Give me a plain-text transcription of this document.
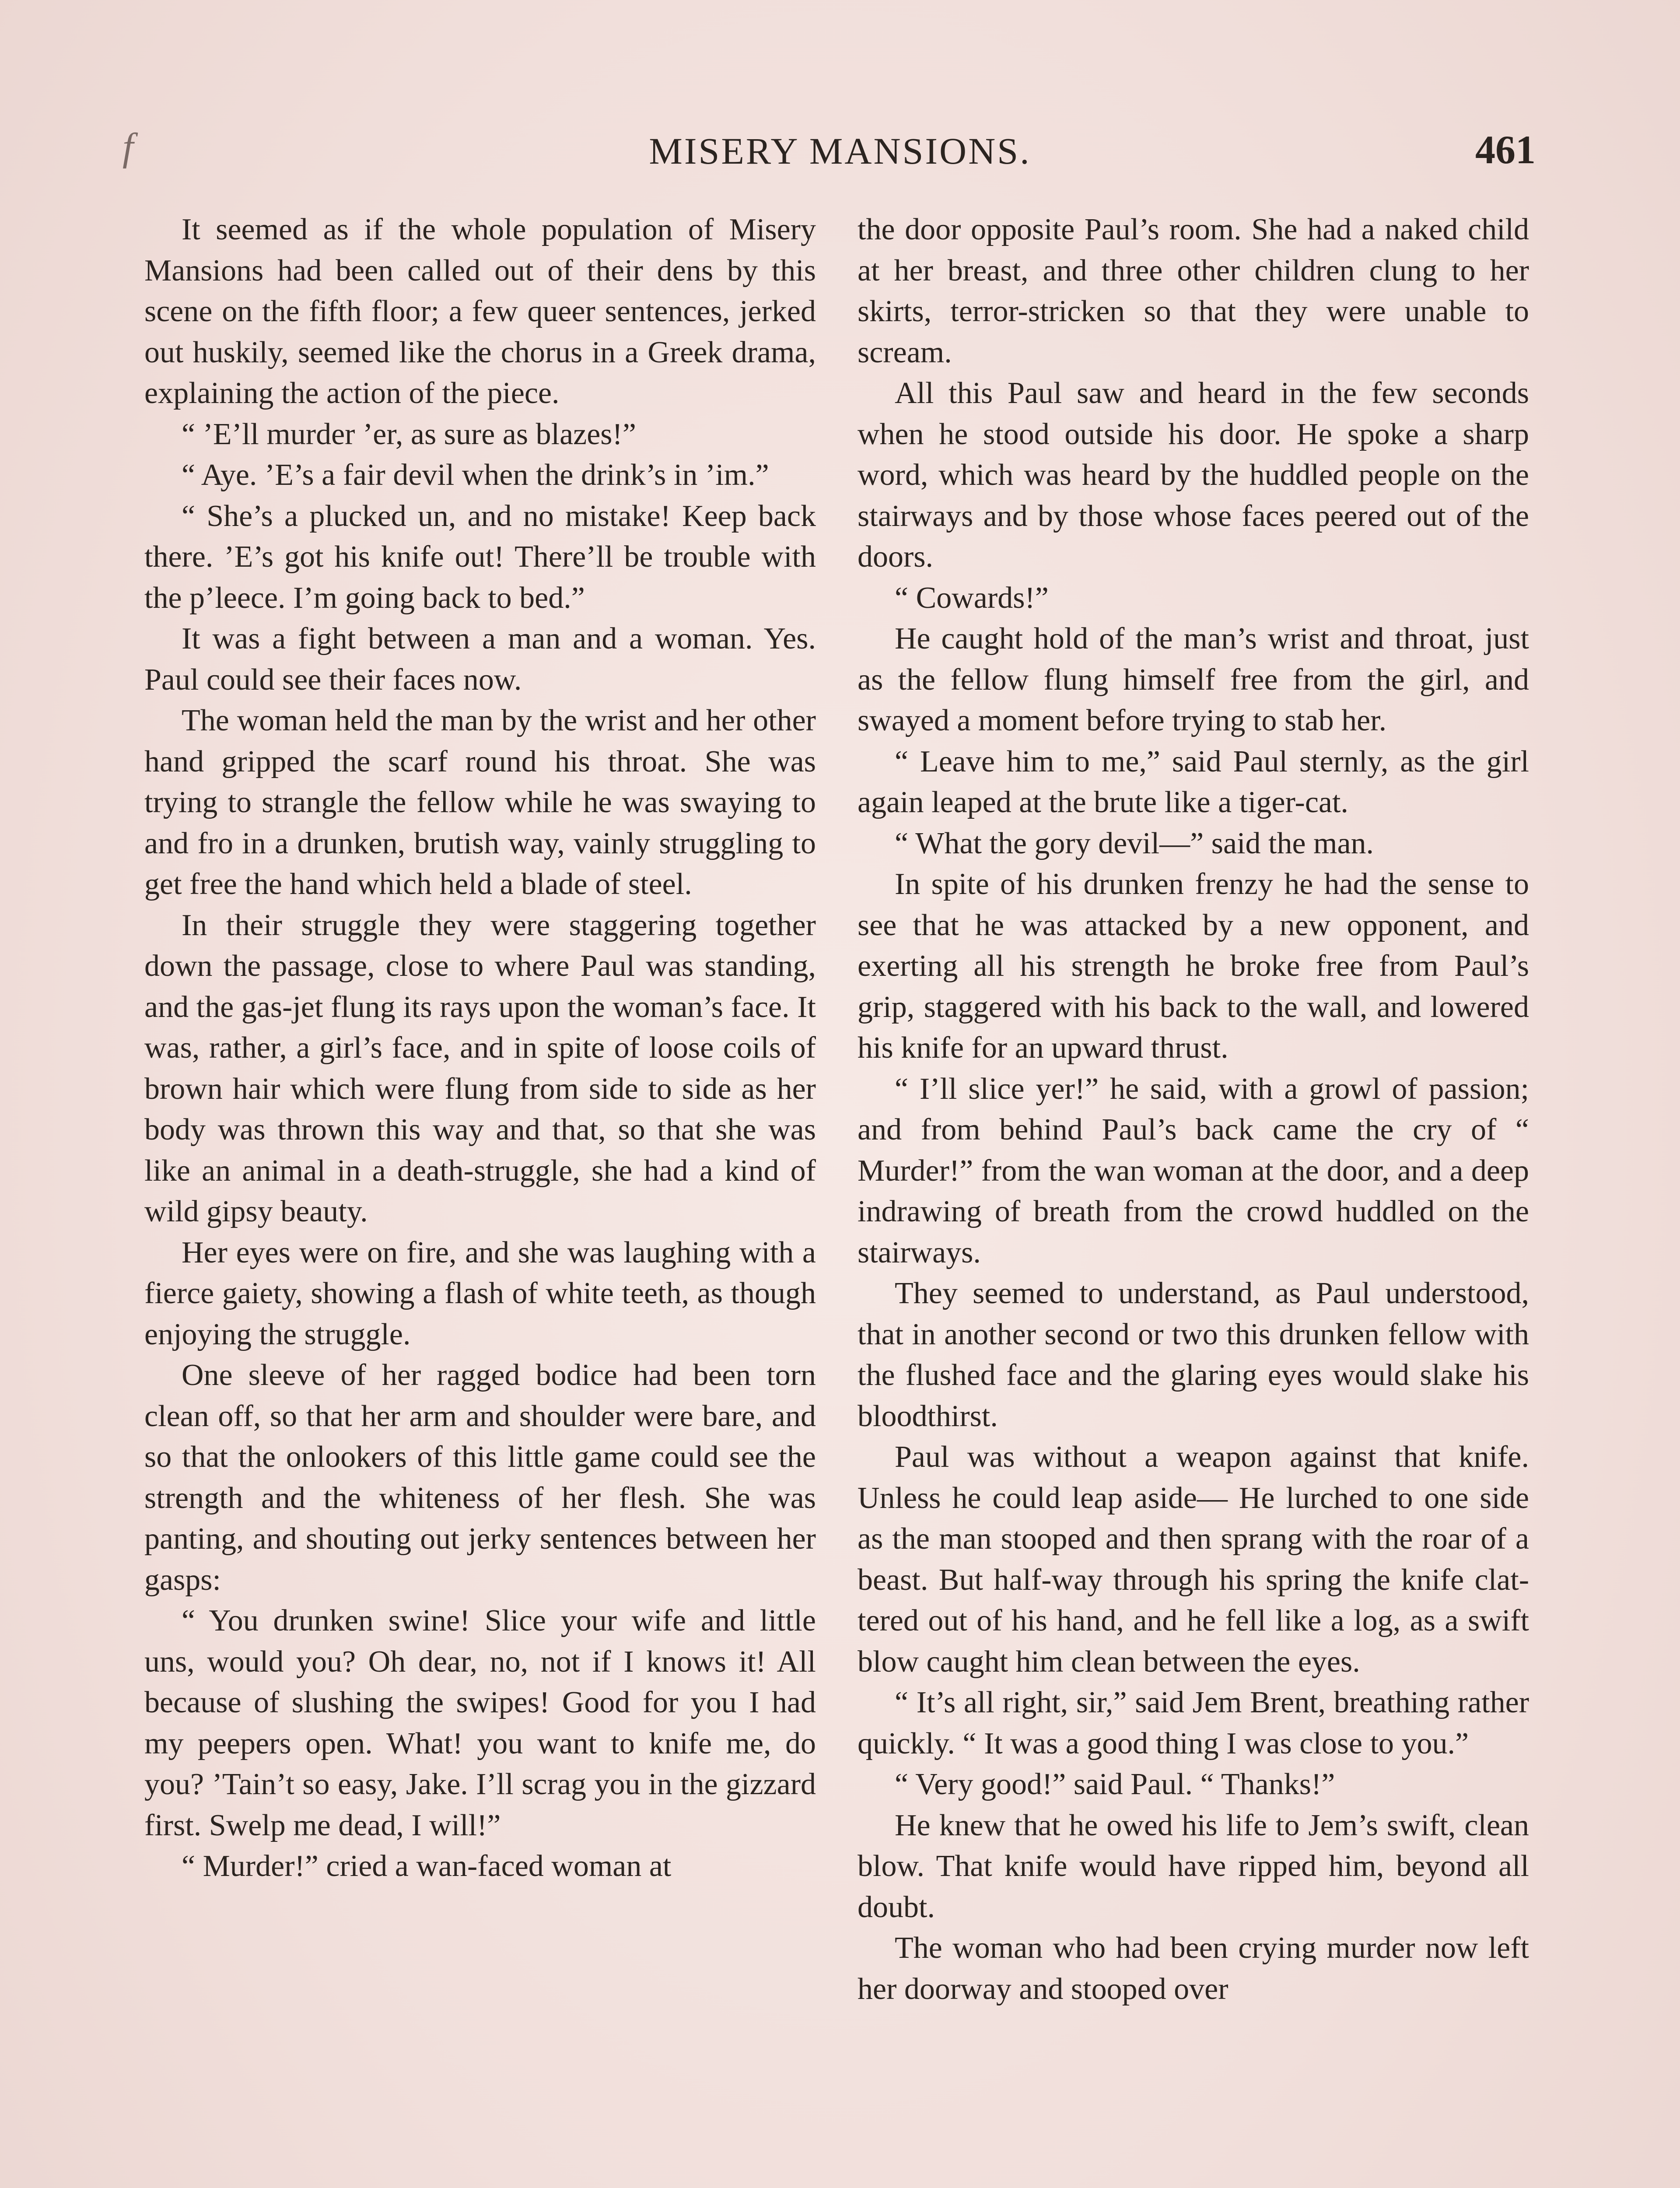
f	MISERY MANSIONS.	461

It seemed as if the whole population of Misery Mansions had been called out of their dens by this scene on the fifth floor; a few queer sentences, jerked out huskily, seemed like the chorus in a Greek drama, explaining the action of the piece.

“ ’E’ll murder ’er, as sure as blazes!”

“ Aye. ’E’s a fair devil when the drink’s in ’im.”

“ She’s a plucked un, and no mistake! Keep back there. ’E’s got his knife out! There’ll be trouble with the p’leece. I’m going back to bed.”

It was a fight between a man and a woman. Yes. Paul could see their faces now.

The woman held the man by the wrist and her other hand gripped the scarf round his throat. She was trying to strangle the fellow while he was swaying to and fro in a drunken, brutish way, vainly struggling to get free the hand which held a blade of steel.

In their struggle they were staggering together down the passage, close to where Paul was standing, and the gas-jet flung its rays upon the woman’s face. It was, rather, a girl’s face, and in spite of loose coils of brown hair which were flung from side to side as her body was thrown this way and that, so that she was like an animal in a death-struggle, she had a kind of wild gipsy beauty.

Her eyes were on fire, and she was laughing with a fierce gaiety, showing a flash of white teeth, as though enjoying the struggle.

One sleeve of her ragged bodice had been torn clean off, so that her arm and shoulder were bare, and so that the onlookers of this little game could see the strength and the whiteness of her flesh. She was panting, and shouting out jerky sentences between her gasps:

“ You drunken swine! Slice your wife and little uns, would you? Oh dear, no, not if I knows it! All because of slushing the swipes! Good for you I had my peepers open. What! you want to knife me, do you? ’Tain’t so easy, Jake. I’ll scrag you in the gizzard first. Swelp me dead, I will!”

“ Murder!” cried a wan-faced woman at

the door opposite Paul’s room. She had a naked child at her breast, and three other children clung to her skirts, terror-stricken so that they were unable to scream.

All this Paul saw and heard in the few seconds when he stood outside his door. He spoke a sharp word, which was heard by the huddled people on the stairways and by those whose faces peered out of the doors.

“ Cowards!”

He caught hold of the man’s wrist and throat, just as the fellow flung himself free from the girl, and swayed a moment before trying to stab her.

“ Leave him to me,” said Paul sternly, as the girl again leaped at the brute like a tiger-cat.

“ What the gory devil—” said the man.

In spite of his drunken frenzy he had the sense to see that he was attacked by a new opponent, and exerting all his strength he broke free from Paul’s grip, staggered with his back to the wall, and lowered his knife for an upward thrust.

“ I’ll slice yer!” he said, with a growl of passion; and from behind Paul’s back came the cry of “ Murder!” from the wan woman at the door, and a deep indrawing of breath from the crowd huddled on the stairways.

They seemed to understand, as Paul understood, that in another second or two this drunken fellow with the flushed face and the glaring eyes would slake his bloodthirst.

Paul was without a weapon against that knife. Unless he could leap aside— He lurched to one side as the man stooped and then sprang with the roar of a beast. But half-way through his spring the knife clattered out of his hand, and he fell like a log, as a swift blow caught him clean between the eyes.

“ It’s all right, sir,” said Jem Brent, breathing rather quickly. “ It was a good thing I was close to you.”

“ Very good!” said Paul. “ Thanks!”

He knew that he owed his life to Jem’s swift, clean blow. That knife would have ripped him, beyond all doubt.

The woman who had been crying murder now left her doorway and stooped over
